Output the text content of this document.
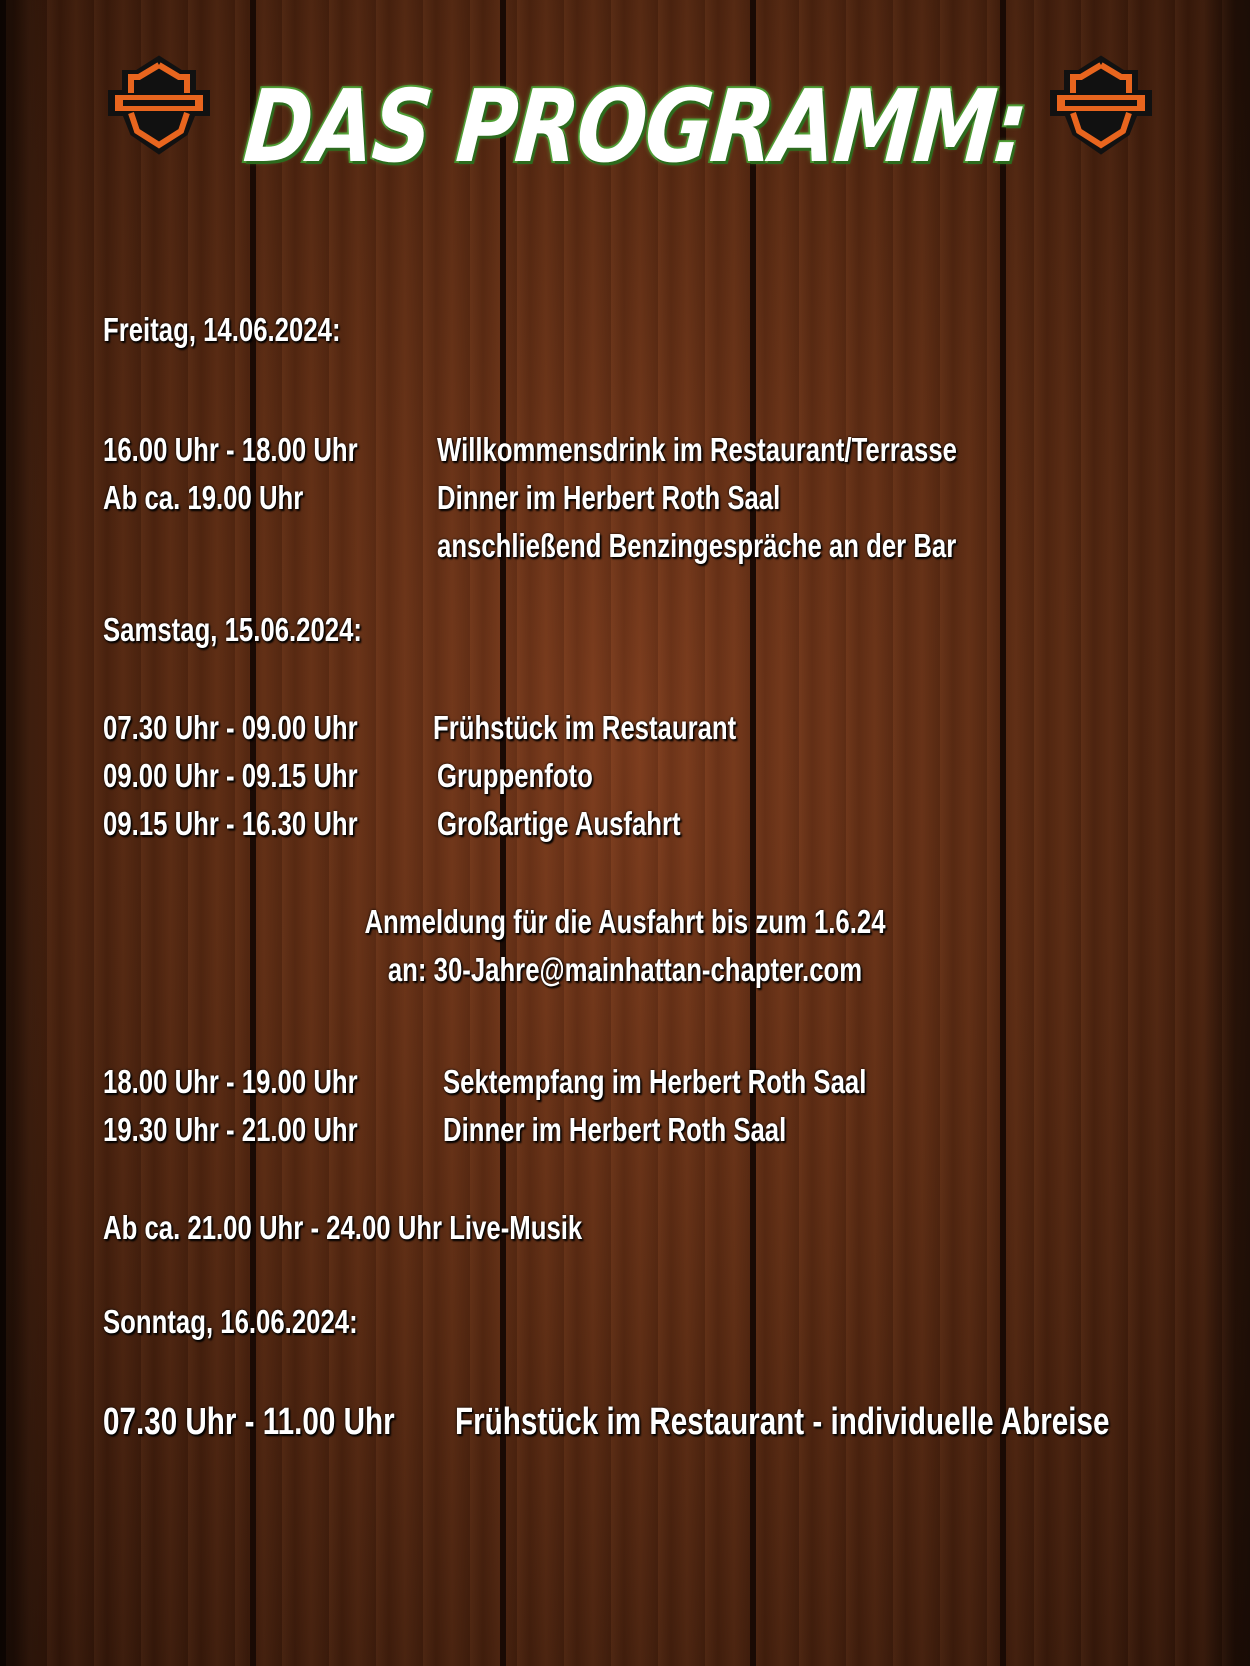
DAS PROGRAMM:
Freitag, 14.06.2024:
16.00 Uhr - 18.00 Uhr Willkommensdrink im Restaurant/Terrasse
Ab ca. 19.00 Uhr	Dinner im Herbert Roth Saal
anschließend Benzingespräche an der Bar
Samstag, 15.06.2024:
07.30 Uhr - 09.00 Uhr Frühstück im Restaurant
09.00 Uhr - 09.15 Uhr Gruppenfoto
09.15 Uhr - 16.30 Uhr Großartige Ausfahrt
Anmeldung für die Ausfahrt bis zum 1.6.24
an: 30-Jahre@mainhattan-chapter.com
18.00 Uhr - 19.00 Uhr	Sektempfang im Herbert Roth Saal
19.30 Uhr - 21.00 Uhr	Dinner im Herbert Roth Saal
Ab ca. 21.00 Uhr - 24.00 Uhr Live-Musik
Sonntag, 16.06.2024:
07.30 Uhr - 11.00 Uhr Frühstück im Restaurant - individuelle Abreise
